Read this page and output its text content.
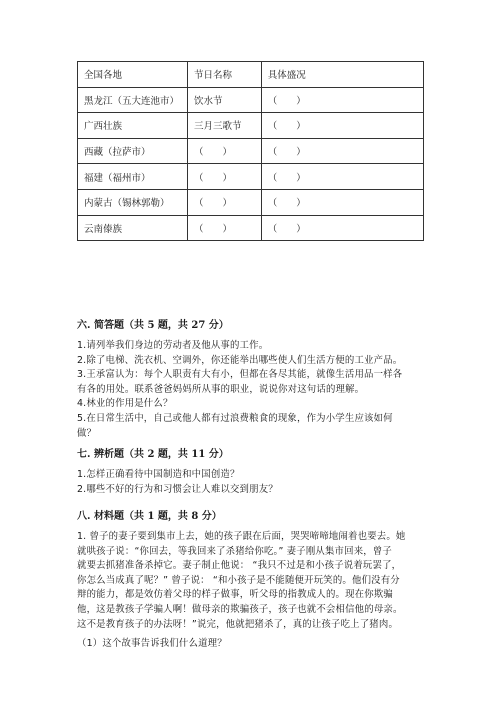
全国各地	节日名称	具体盛况
黑龙江（五大连池市）	饮水节	（　　）
广西壮族	三月三歌节	（　　）
西藏（拉萨市）	（　　）	（　　）
福建（福州市）	（　　）	（　　）
内蒙古（锡林郭勒）	（　　）	（　　）
云南傣族	（　　）	（　　）
六. 简答题（共 5 题，共 27 分）
1.请列举我们身边的劳动者及他从事的工作。
2.除了电梯、洗衣机、空调外，你还能举出哪些使人们生活方便的工业产品。
3.王承富认为：每个人职责有大有小，但都在各尽其能，就像生活用品一样各
有各的用处。联系爸爸妈妈所从事的职业，说说你对这句话的理解。
4.林业的作用是什么？
5.在日常生活中，自己或他人都有过浪费粮食的现象，作为小学生应该如何
做？
七. 辨析题（共 2 题，共 11 分）
1.怎样正确看待中国制造和中国创造？
2.哪些不好的行为和习惯会让人难以交到朋友？
八. 材料题（共 1 题，共 8 分）
1. 曾子的妻子要到集市上去，她的孩子跟在后面，哭哭啼啼地闹着也要去。她
就哄孩子说：“你回去，等我回来了杀猪给你吃。” 妻子刚从集市回来，曾子
就要去抓猪准备杀掉它。妻子制止他说： “我只不过是和小孩子说着玩罢了，
你怎么当成真了呢？” 曾子说： “和小孩子是不能随便开玩笑的。他们没有分
辩的能力，都是效仿着父母的样子做事，听父母的指教成人的。现在你欺骗
他，这是教孩子学骗人啊！做母亲的欺骗孩子，孩子也就不会相信他的母亲。
这不是教育孩子的办法呀！”说完，他就把猪杀了，真的让孩子吃上了猪肉。
（1）这个故事告诉我们什么道理？
